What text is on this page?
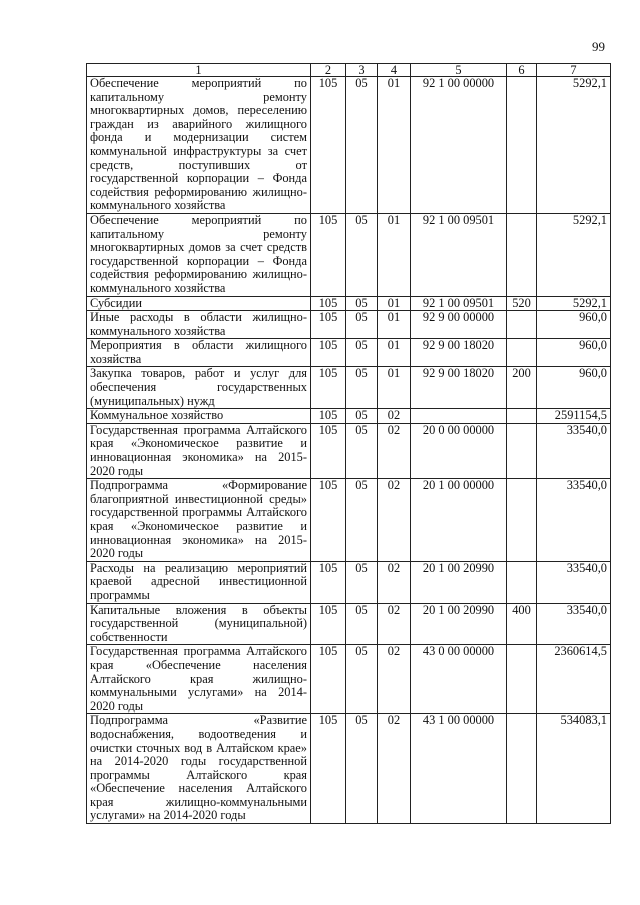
99
1	2	3	4	5	6	7
Обеспечение мероприятий по капитальному ремонту многоквартирных домов, переселению граждан из аварийного жилищного фонда и модернизации систем коммунальной инфраструктуры за счет средств, поступивших от государственной корпорации – Фонда содействия реформированию жилищно-коммунального хозяйства	105	05	01	92 1 00 00000		5292,1
Обеспечение мероприятий по капитальному ремонту многоквартирных домов за счет средств государственной корпорации – Фонда содействия реформированию жилищно-коммунального хозяйства	105	05	01	92 1 00 09501		5292,1
Субсидии	105	05	01	92 1 00 09501	520	5292,1
Иные расходы в области жилищно-коммунального хозяйства	105	05	01	92 9 00 00000		960,0
Мероприятия в области жилищного хозяйства	105	05	01	92 9 00 18020		960,0
Закупка товаров, работ и услуг для обеспечения государственных (муниципальных) нужд	105	05	01	92 9 00 18020	200	960,0
Коммунальное хозяйство	105	05	02			2591154,5
Государственная программа Алтайского края «Экономическое развитие и инновационная экономика» на 2015-2020 годы	105	05	02	20 0 00 00000		33540,0
Подпрограмма «Формирование благоприятной инвестиционной среды» государственной программы Алтайского края «Экономическое развитие и инновационная экономика» на 2015-2020 годы	105	05	02	20 1 00 00000		33540,0
Расходы на реализацию мероприятий краевой адресной инвестиционной программы	105	05	02	20 1 00 20990		33540,0
Капитальные вложения в объекты государственной (муниципальной) собственности	105	05	02	20 1 00 20990	400	33540,0
Государственная программа Алтайского края «Обеспечение населения Алтайского края жилищно-коммунальными услугами» на 2014-2020 годы	105	05	02	43 0 00 00000		2360614,5
Подпрограмма «Развитие водоснабжения, водоотведения и очистки сточных вод в Алтайском крае» на 2014-2020 годы государственной программы Алтайского края «Обеспечение населения Алтайского края жилищно-коммунальными услугами» на 2014-2020 годы	105	05	02	43 1 00 00000		534083,1
